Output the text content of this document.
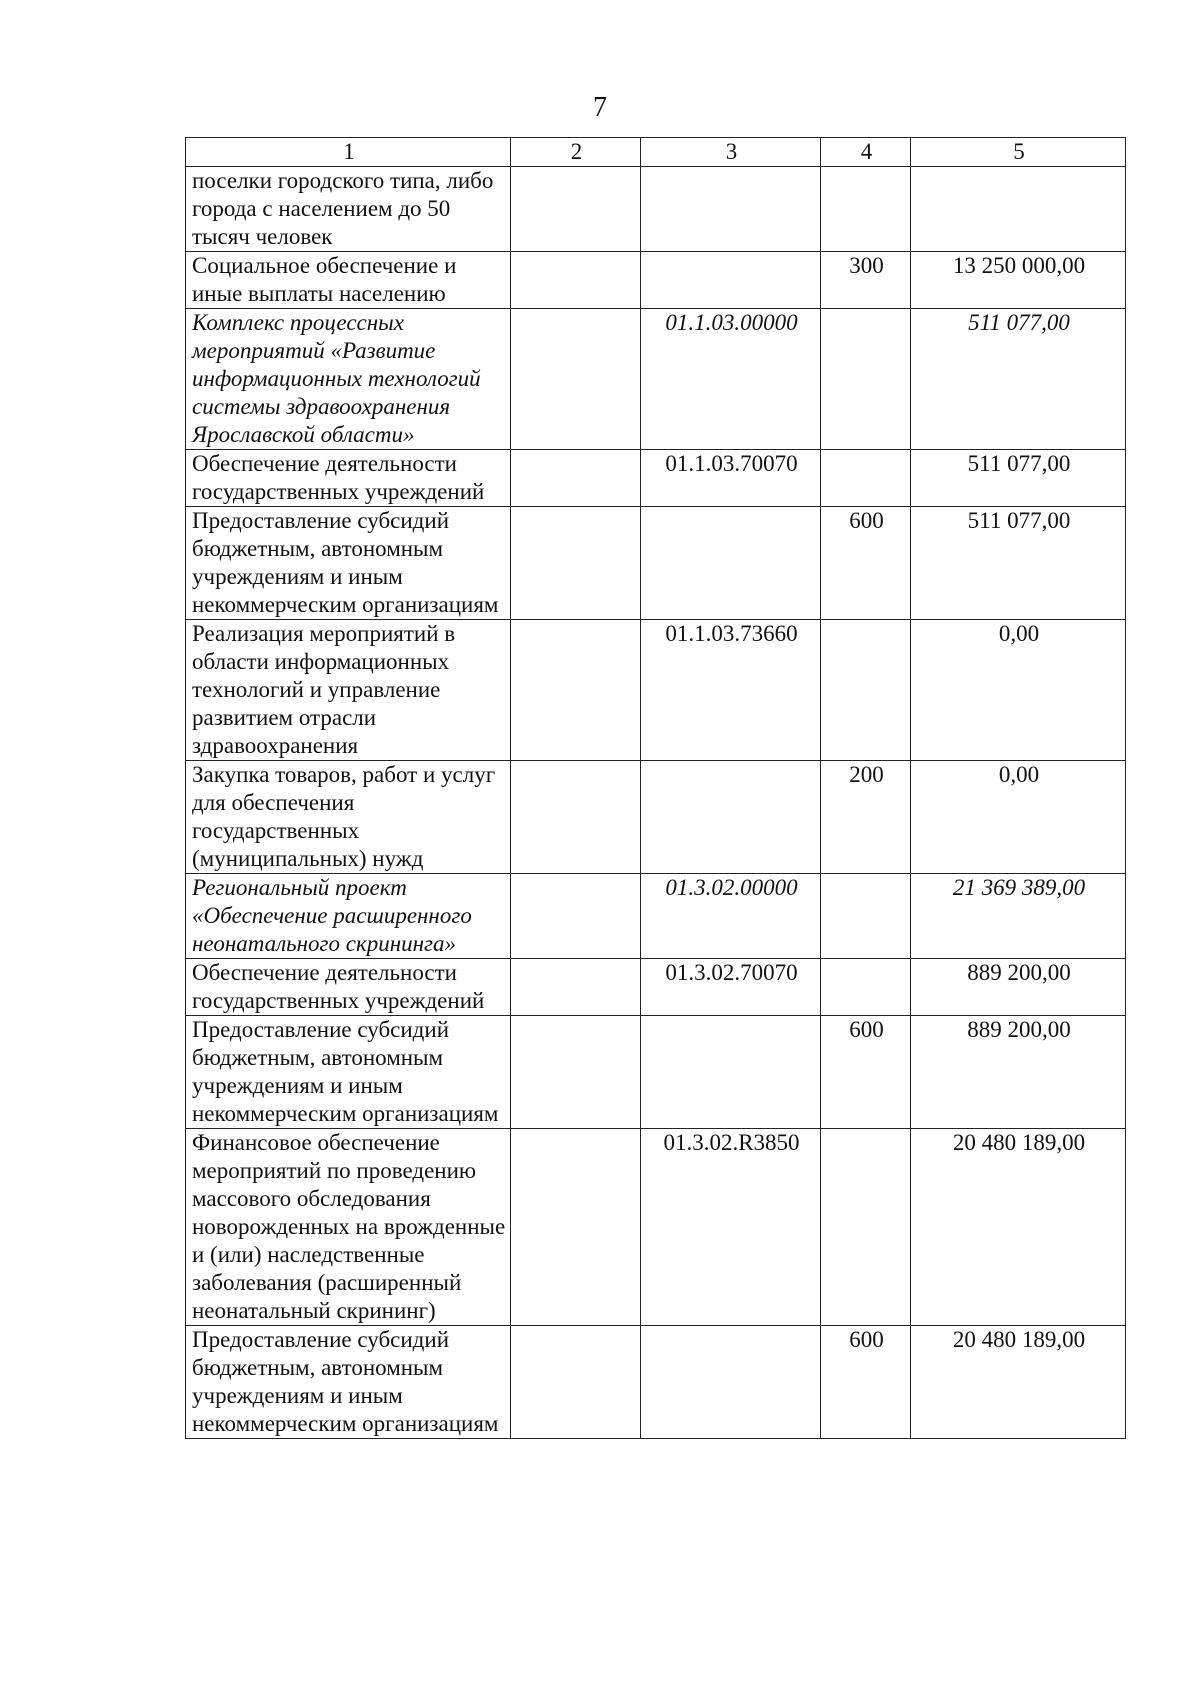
7
1	2	3	4	5
поселки городского типа, либо города с населением до 50 тысяч человек				
Социальное обеспечение и иные выплаты населению			300	13 250 000,00
Комплекс процессных мероприятий «Развитие информационных технологий системы здравоохранения Ярославской области»		01.1.03.00000		511 077,00
Обеспечение деятельности государственных учреждений		01.1.03.70070		511 077,00
Предоставление субсидий бюджетным, автономным учреждениям и иным некоммерческим организациям			600	511 077,00
Реализация мероприятий в области информационных технологий и управление развитием отрасли здравоохранения		01.1.03.73660		0,00
Закупка товаров, работ и услуг для обеспечения государственных (муниципальных) нужд			200	0,00
Региональный проект «Обеспечение расширенного неонатального скрининга»		01.3.02.00000		21 369 389,00
Обеспечение деятельности государственных учреждений		01.3.02.70070		889 200,00
Предоставление субсидий бюджетным, автономным учреждениям и иным некоммерческим организациям			600	889 200,00
Финансовое обеспечение мероприятий по проведению массового обследования новорожденных на врожденные и (или) наследственные заболевания (расширенный неонатальный скрининг)		01.3.02.R3850		20 480 189,00
Предоставление субсидий бюджетным, автономным учреждениям и иным некоммерческим организациям			600	20 480 189,00
